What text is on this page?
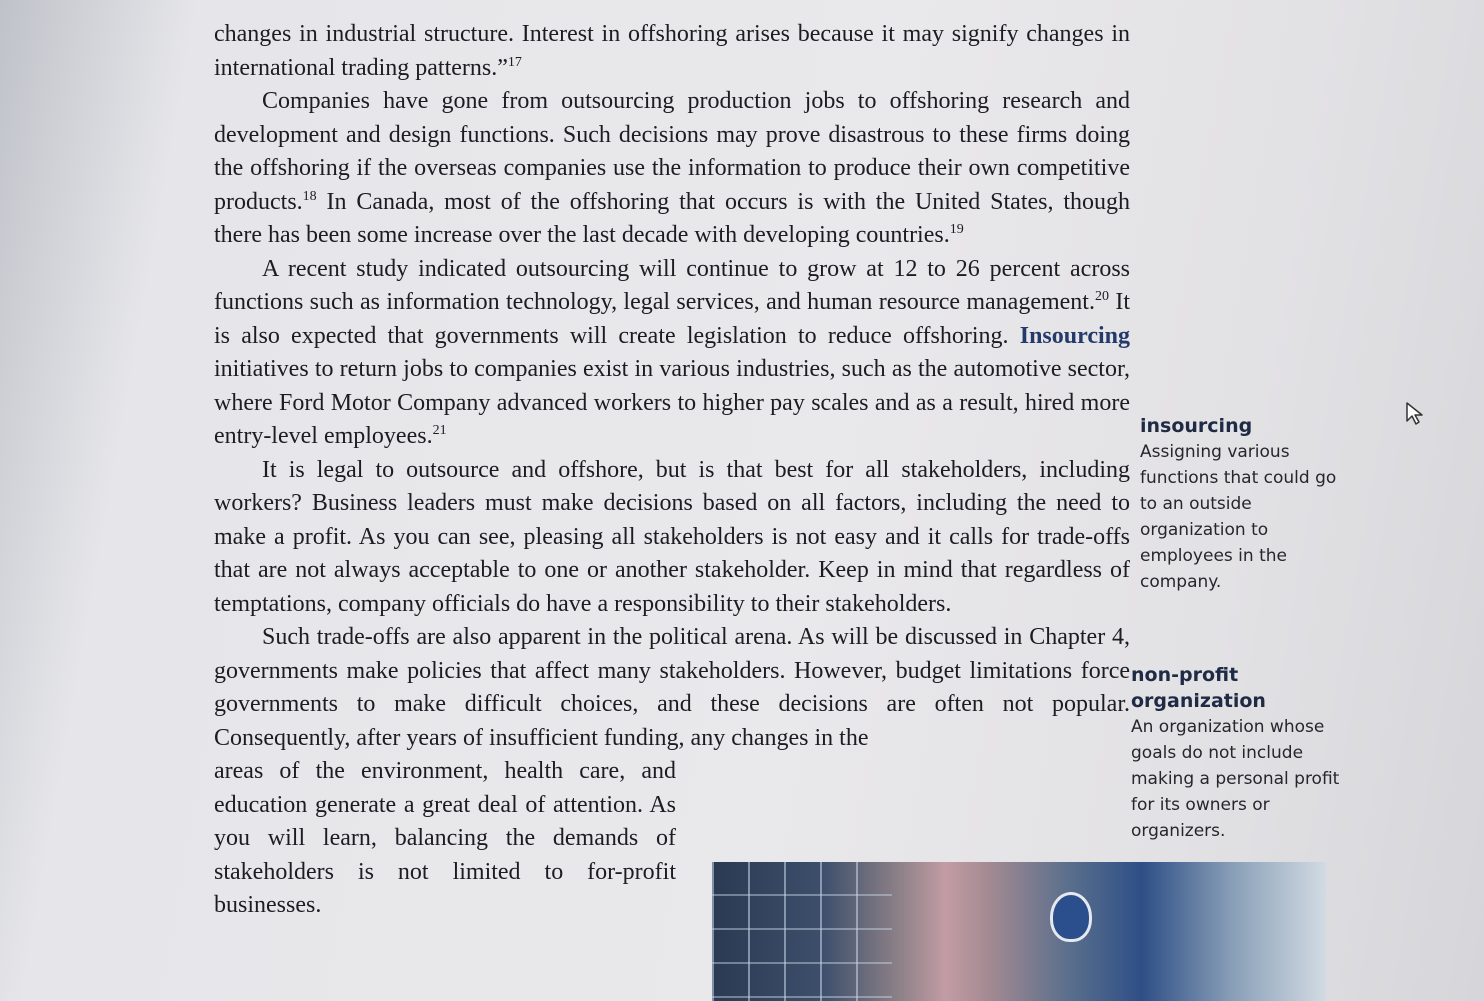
changes in industrial structure. Interest in offshoring arises because it may signify changes in international trading patterns.”$^{17}$

Companies have gone from outsourcing production jobs to offshoring research and development and design functions. Such decisions may prove disastrous to these firms doing the offshoring if the overseas companies use the information to produce their own competitive products.$^{18}$ In Canada, most of the offshoring that occurs is with the United States, though there has been some increase over the last decade with developing countries.$^{19}$

A recent study indicated outsourcing will continue to grow at 12 to 26 percent across functions such as information technology, legal services, and human resource management.$^{20}$ It is also expected that governments will create legislation to reduce offshoring. Insourcing initiatives to return jobs to companies exist in various industries, such as the automotive sector, where Ford Motor Company advanced workers to higher pay scales and as a result, hired more entry-level employees.$^{21}$

It is legal to outsource and offshore, but is that best for all stakeholders, including workers? Business leaders must make decisions based on all factors, including the need to make a profit. As you can see, pleasing all stakeholders is not easy and it calls for trade-offs that are not always acceptable to one or another stakeholder. Keep in mind that regardless of temptations, company officials do have a responsibility to their stakeholders.

Such trade-offs are also apparent in the political arena. As will be discussed in Chapter 4, governments make policies that affect many stakeholders. However, budget limitations force governments to make difficult choices, and these decisions are often not popular. Consequently, after years of insufficient funding, any changes in the

areas of the environment, health care, and education generate a great deal of attention. As you will learn, balancing the demands of stakeholders is not limited to for-profit businesses.

insourcing

Assigning various functions that could go to an outside organization to employees in the company.

non-profit organization

An organization whose goals do not include making a personal profit for its owners or organizers.
